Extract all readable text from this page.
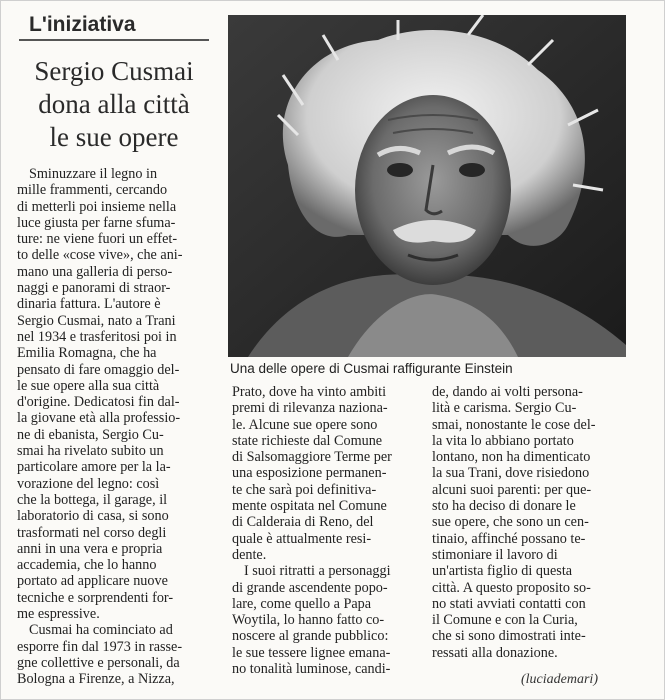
L'iniziativa
Sergio Cusmai
dona alla città
le sue opere
Una delle opere di Cusmai raffigurante Einstein
Sminuzzare il legno in
mille frammenti, cercando
di metterli poi insieme nella
luce giusta per farne sfuma-
ture: ne viene fuori un effet-
to delle «cose vive», che ani-
mano una galleria di perso-
naggi e panorami di straor-
dinaria fattura. L'autore è
Sergio Cusmai, nato a Trani
nel 1934 e trasferitosi poi in
Emilia Romagna, che ha
pensato di fare omaggio del-
le sue opere alla sua città
d'origine. Dedicatosi fin dal-
la giovane età alla professio-
ne di ebanista, Sergio Cu-
smai ha rivelato subito un
particolare amore per la la-
vorazione del legno: così
che la bottega, il garage, il
laboratorio di casa, si sono
trasformati nel corso degli
anni in una vera e propria
accademia, che lo hanno
portato ad applicare nuove
tecniche e sorprendenti for-
me espressive.
Cusmai ha cominciato ad
esporre fin dal 1973 in rasse-
gne collettive e personali, da
Bologna a Firenze, a Nizza,
Prato, dove ha vinto ambiti
premi di rilevanza naziona-
le. Alcune sue opere sono
state richieste dal Comune
di Salsomaggiore Terme per
una esposizione permanen-
te che sarà poi definitiva-
mente ospitata nel Comune
di Calderaia di Reno, del
quale è attualmente resi-
dente.
I suoi ritratti a personaggi
di grande ascendente popo-
lare, come quello a Papa
Woytila, lo hanno fatto co-
noscere al grande pubblico:
le sue tessere lignee emana-
no tonalità luminose, candi-
de, dando ai volti persona-
lità e carisma. Sergio Cu-
smai, nonostante le cose del-
la vita lo abbiano portato
lontano, non ha dimenticato
la sua Trani, dove risiedono
alcuni suoi parenti: per que-
sto ha deciso di donare le
sue opere, che sono un cen-
tinaio, affinché possano te-
stimoniare il lavoro di
un'artista figlio di questa
città. A questo proposito so-
no stati avviati contatti con
il Comune e con la Curia,
che si sono dimostrati inte-
ressati alla donazione.
(luciademari)
